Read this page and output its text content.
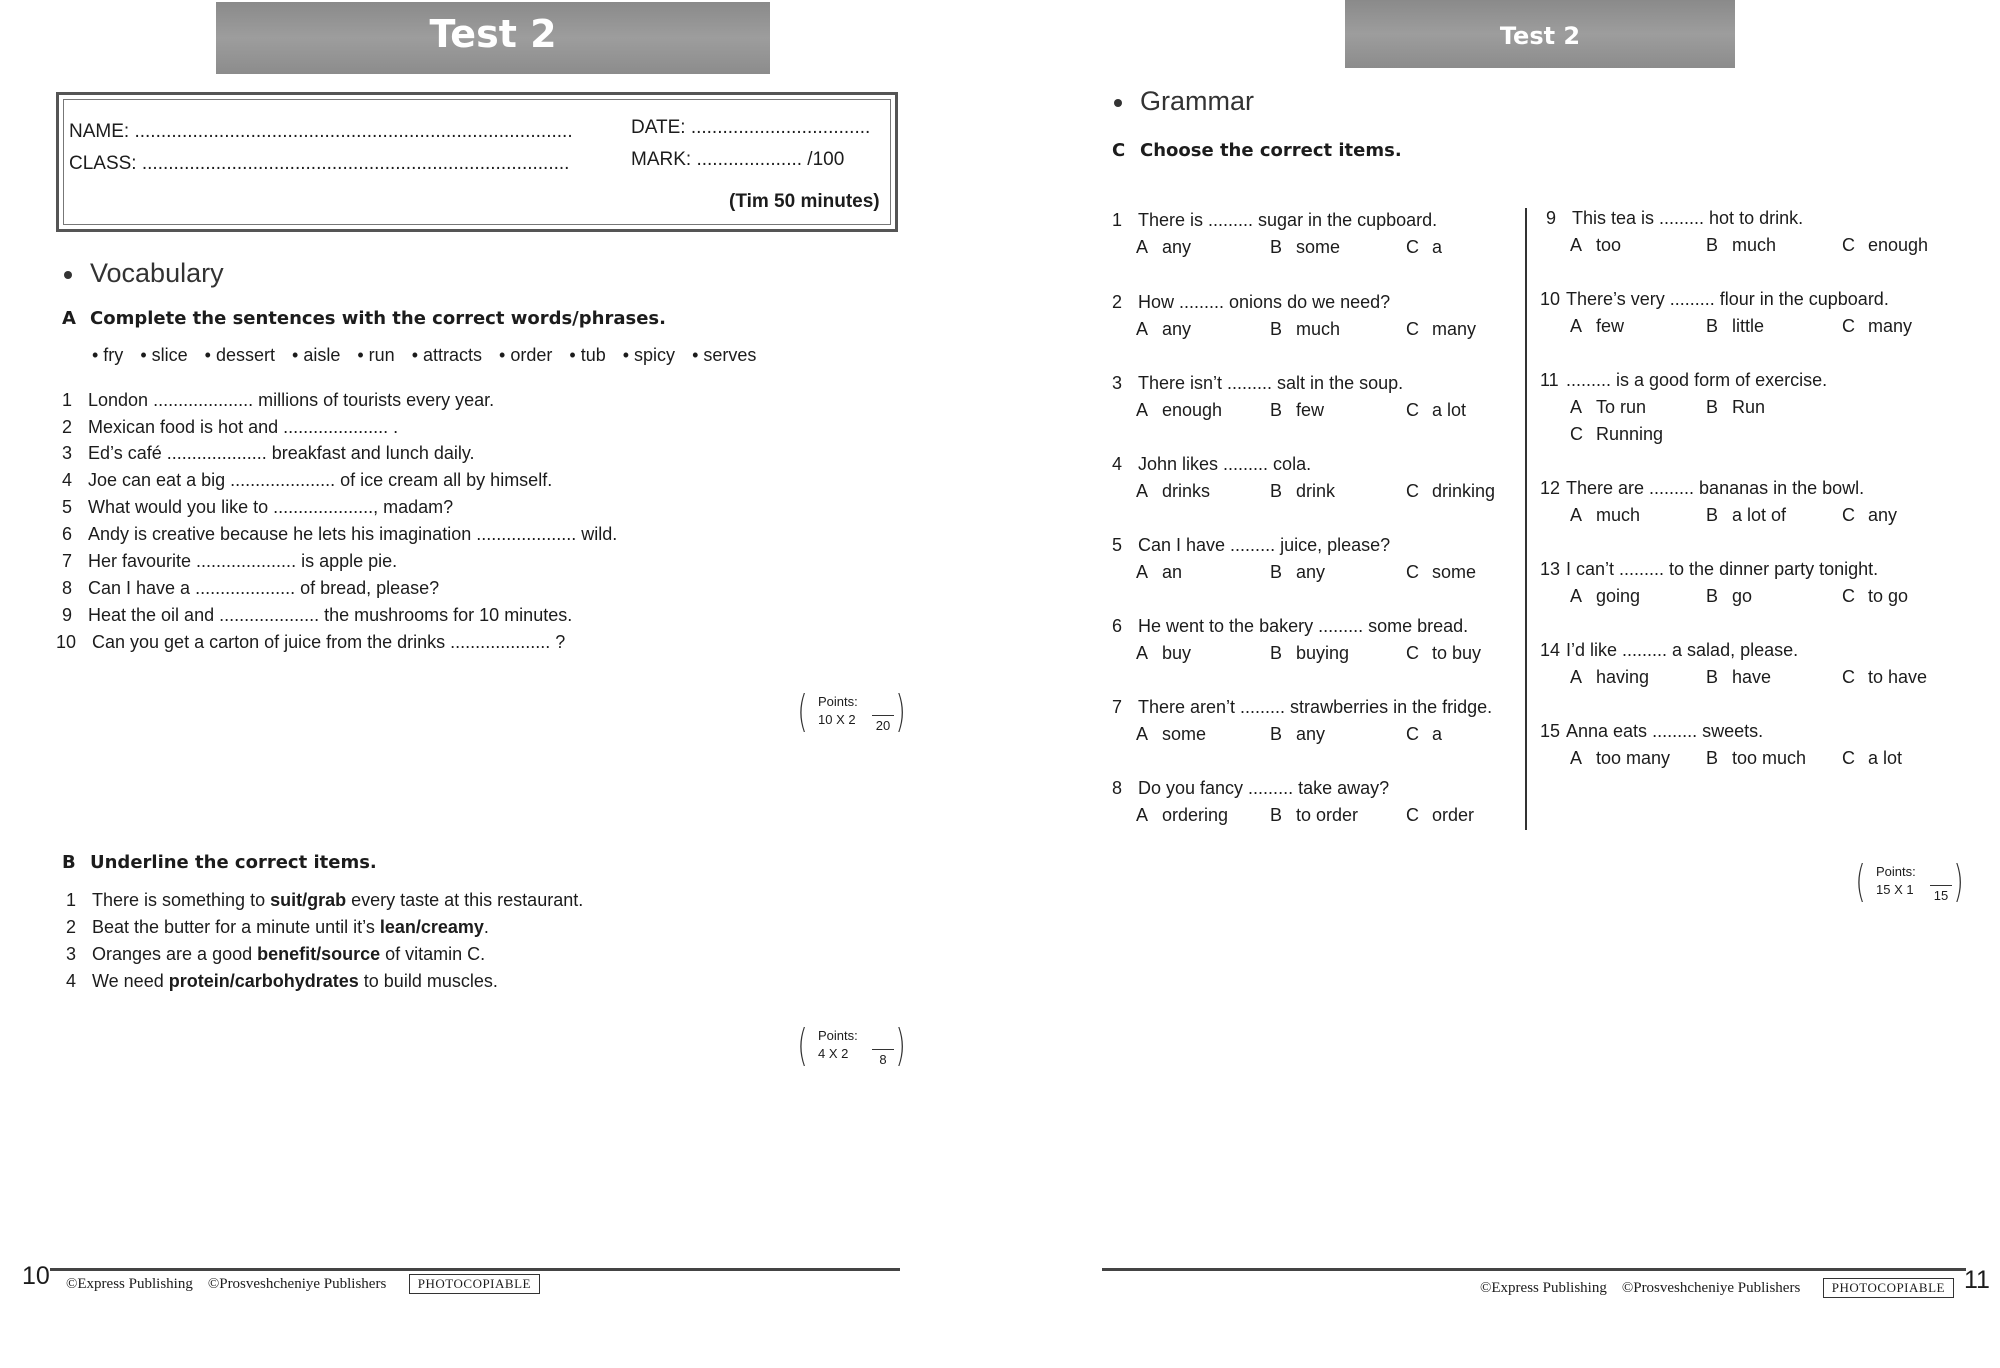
Test 2
NAME: ...................................................................................	DATE: ..................................
CLASS: .................................................................................	MARK: .................... /100
(Tim 50 minutes)
Vocabulary
A Complete the sentences with the correct words/phrases.
• fry • slice • dessert • aisle • run • attracts • order • tub • spicy • serves
1 London .................... millions of tourists every year.
2 Mexican food is hot and ..................... .
3 Ed’s café .................... breakfast and lunch daily.
4 Joe can eat a big ..................... of ice cream all by himself.
5 What would you like to ...................., madam?
6 Andy is creative because he lets his imagination .................... wild.
7 Her favourite .................... is apple pie.
8 Can I have a .................... of bread, please?
9 Heat the oil and .................... the mushrooms for 10 minutes.
10 Can you get a carton of juice from the drinks .................... ?
( Points:
10 X 2 20 )
B Underline the correct items.
1 There is something to suit/grab every taste at this restaurant.
2 Beat the butter for a minute until it’s lean/creamy.
3 Oranges are a good benefit/source of vitamin C.
4 We need protein/carbohydrates to build muscles.
( Points:
4 X 2	8 )
10 ©Express Publishing ©Prosveshcheniye Publishers PHOTOCOPIABLE
Test 2
Grammar
C Choose the correct items.
1 There is ......... sugar in the cupboard.
A any	B some	C a
2 How ......... onions do we need?
A any	B much	C many
3 There isn’t ......... salt in the soup.
A enough	B few	C a lot
4 John likes ......... cola.
A drinks	B drink	C drinking
5 Can I have ......... juice, please?
A an	B any	C some
6 He went to the bakery ......... some bread.
A buy	B buying	C to buy
7 There aren’t ......... strawberries in the fridge.
A some	B any	C a
8 Do you fancy ......... take away?
A ordering B to order	C order
9 This tea is ......... hot to drink.
A too	B much	C enough
10 There’s very ......... flour in the cupboard.
A few	B little	C many
11 ......... is a good form of exercise.
A To run	B Run
C Running
12 There are ......... bananas in the bowl.
A much	B a lot of	C any
13 I can’t ......... to the dinner party tonight.
A going	B go	C to go
14 I’d like ......... a salad, please.
A having	B have	C to have
15 Anna eats ......... sweets.
A too many B too much C a lot
( Points:
15 X 1 15 )
©Express Publishing ©Prosveshcheniye Publishers PHOTOCOPIABLE 11
